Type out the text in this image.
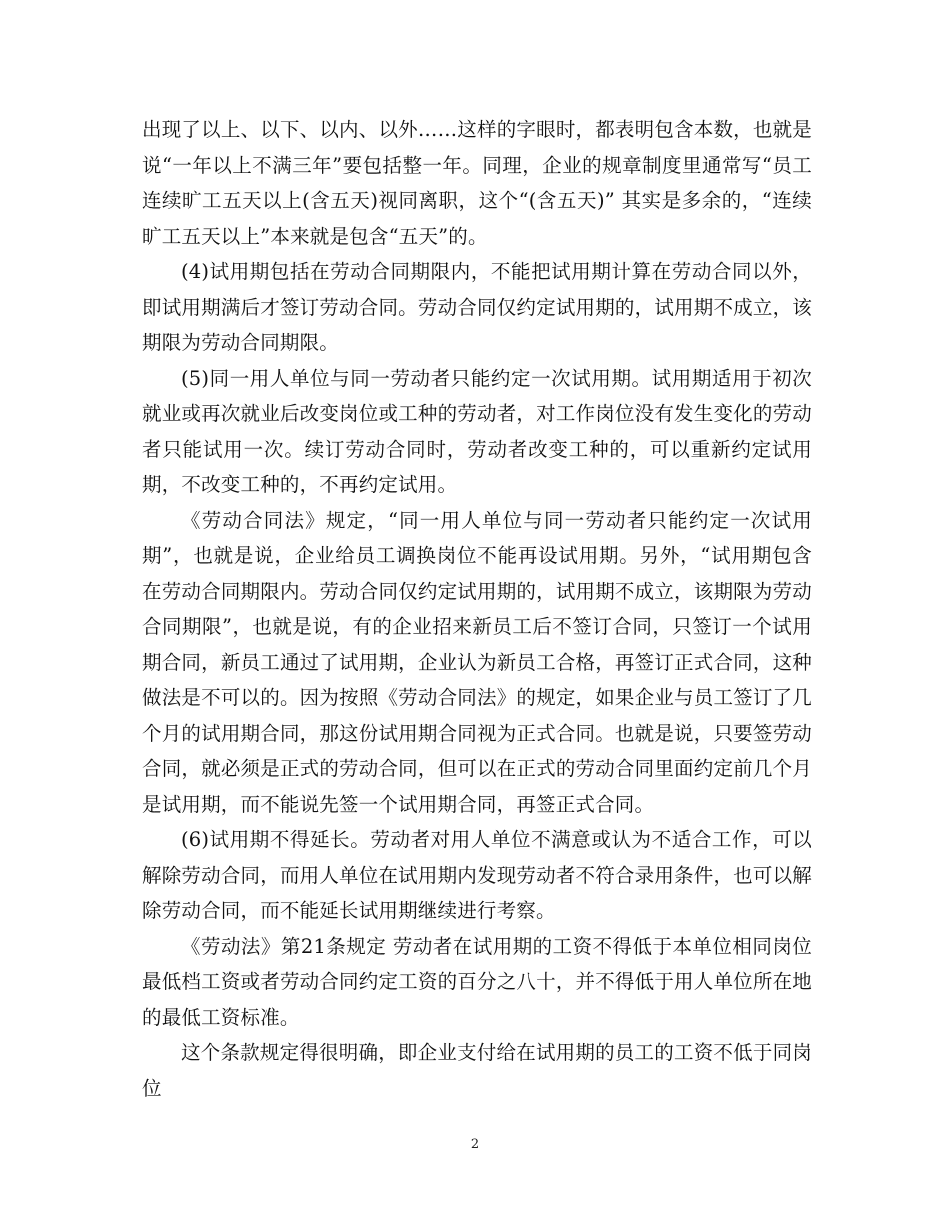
出现了以上、以下、以内、以外……这样的字眼时，都表明包含本数，也就是说“一年以上不满三年”要包括整一年。同理，企业的规章制度里通常写“员工连续旷工五天以上(含五天)视同离职，这个“(含五天)” 其实是多余的，“连续旷工五天以上”本来就是包含“五天”的。

(4)试用期包括在劳动合同期限内，不能把试用期计算在劳动合同以外，即试用期满后才签订劳动合同。劳动合同仅约定试用期的，试用期不成立，该期限为劳动合同期限。

(5)同一用人单位与同一劳动者只能约定一次试用期。试用期适用于初次就业或再次就业后改变岗位或工种的劳动者，对工作岗位没有发生变化的劳动者只能试用一次。续订劳动合同时，劳动者改变工种的，可以重新约定试用期，不改变工种的，不再约定试用。

《劳动合同法》规定，“同一用人单位与同一劳动者只能约定一次试用期”，也就是说，企业给员工调换岗位不能再设试用期。另外，“试用期包含在劳动合同期限内。劳动合同仅约定试用期的，试用期不成立，该期限为劳动合同期限”，也就是说，有的企业招来新员工后不签订合同，只签订一个试用期合同，新员工通过了试用期，企业认为新员工合格，再签订正式合同，这种做法是不可以的。因为按照《劳动合同法》的规定，如果企业与员工签订了几个月的试用期合同，那这份试用期合同视为正式合同。也就是说，只要签劳动合同，就必须是正式的劳动合同，但可以在正式的劳动合同里面约定前几个月是试用期，而不能说先签一个试用期合同，再签正式合同。

(6)试用期不得延长。劳动者对用人单位不满意或认为不适合工作，可以解除劳动合同，而用人单位在试用期内发现劳动者不符合录用条件，也可以解除劳动合同，而不能延长试用期继续进行考察。

《劳动法》第21条规定 劳动者在试用期的工资不得低于本单位相同岗位最低档工资或者劳动合同约定工资的百分之八十，并不得低于用人单位所在地的最低工资标准。

这个条款规定得很明确，即企业支付给在试用期的员工的工资不低于同岗位

2
